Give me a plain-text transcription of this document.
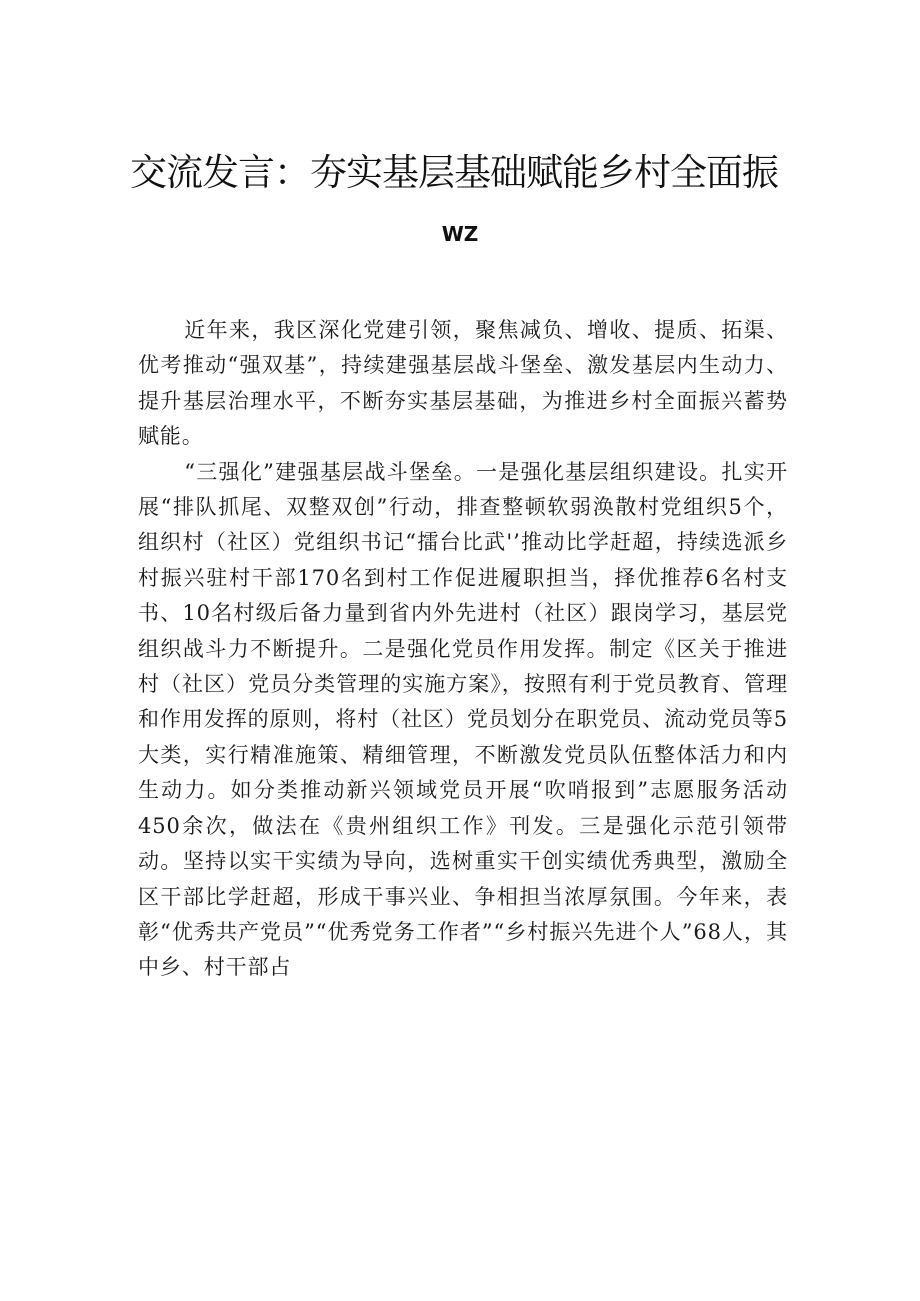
交流发言：夯实基层基础赋能乡村全面振
WZ

近年来，我区深化党建引领，聚焦减负、增收、提质、拓渠、优考推动“强双基”，持续建强基层战斗堡垒、激发基层内生动力、提升基层治理水平，不断夯实基层基础，为推进乡村全面振兴蓄势赋能。

“三强化”建强基层战斗堡垒。一是强化基层组织建设。扎实开展“排队抓尾、双整双创”行动，排查整顿软弱涣散村党组织5个，组织村（社区）党组织书记“擂台比武'’推动比学赶超，持续选派乡村振兴驻村干部170名到村工作促进履职担当，择优推荐6名村支书、10名村级后备力量到省内外先进村（社区）跟岗学习，基层党组织战斗力不断提升。二是强化党员作用发挥。制定《区关于推进村（社区）党员分类管理的实施方案》，按照有利于党员教育、管理和作用发挥的原则，将村（社区）党员划分在职党员、流动党员等5大类，实行精准施策、精细管理，不断激发党员队伍整体活力和内生动力。如分类推动新兴领域党员开展“吹哨报到”志愿服务活动450余次，做法在《贵州组织工作》刊发。三是强化示范引领带动。坚持以实干实绩为导向，选树重实干创实绩优秀典型，激励全区干部比学赶超，形成干事兴业、争相担当浓厚氛围。今年来，表彰“优秀共产党员”“优秀党务工作者”“乡村振兴先进个人”68人，其中乡、村干部占
